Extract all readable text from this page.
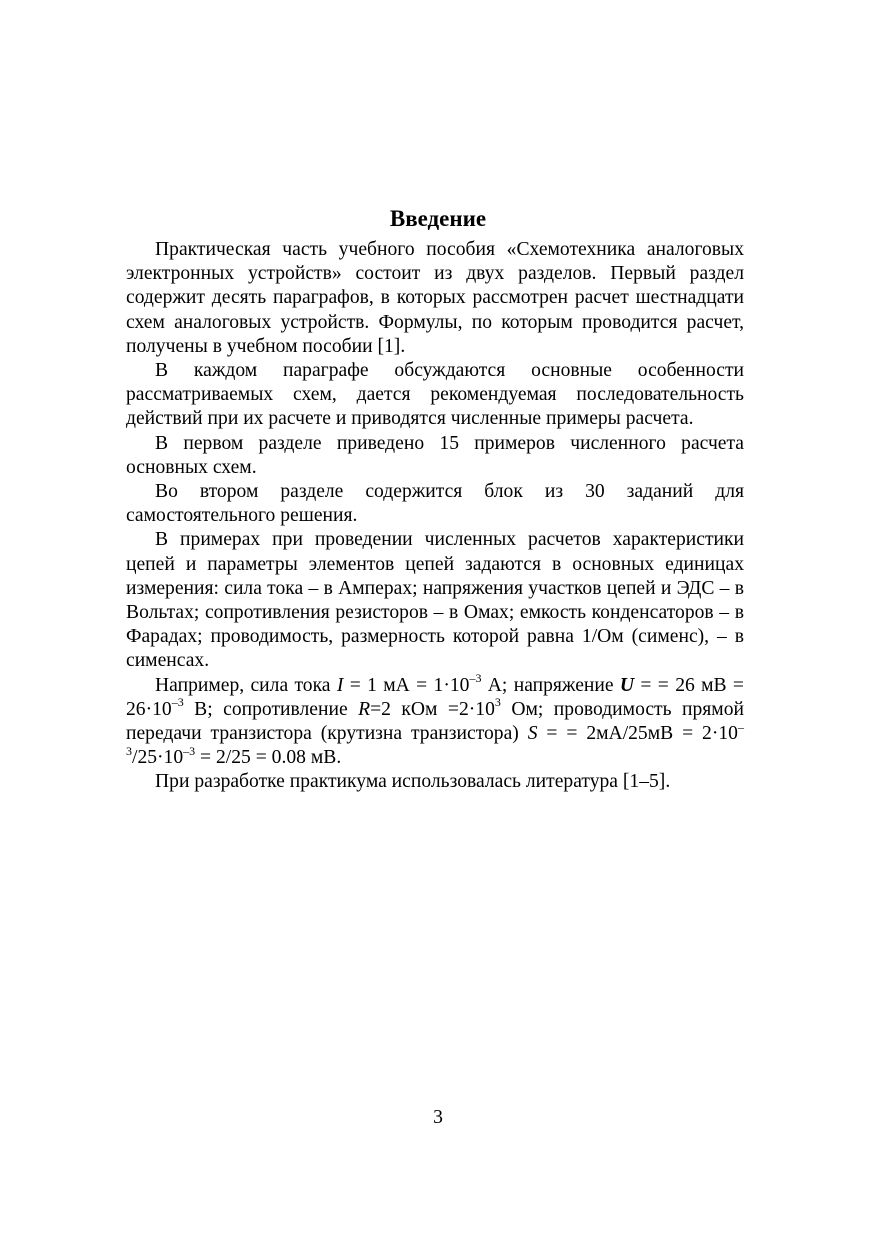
Введение

Практическая часть учебного пособия «Схемотехника аналоговых электронных устройств» состоит из двух разделов. Первый раздел содержит десять параграфов, в которых рассмотрен расчет шестнадцати схем аналоговых устройств. Формулы, по которым проводится расчет, получены в учебном пособии [1].

В каждом параграфе обсуждаются основные особенности рассматриваемых схем, дается рекомендуемая последовательность действий при их расчете и приводятся численные примеры расчета.

В первом разделе приведено 15 примеров численного расчета основных схем.

Во втором разделе содержится блок из 30 заданий для самостоятельного решения.

В примерах при проведении численных расчетов характеристики цепей и параметры элементов цепей задаются в основных единицах измерения: сила тока – в Амперах; напряжения участков цепей и ЭДС – в Вольтах; сопротивления резисторов – в Омах; емкость конденсаторов – в Фарадах; проводимость, размерность которой равна 1/Ом (сименс), – в сименсах.

Например, сила тока I = 1 мА = $1\cdot 10^{-3}$ А; напряжение U = = 26 мВ = $26\cdot 10^{-3}$ В; сопротивление R=2 кОм $=2\cdot 10^3$ Ом; проводимость прямой передачи транзистора (крутизна транзистора) S = = $2мА/25мВ = 2\cdot 10^{-3}/25\cdot 10^{-3} = 2/25 = 0.08$ мВ.

При разработке практикума использовалась литература [1–5].

3
